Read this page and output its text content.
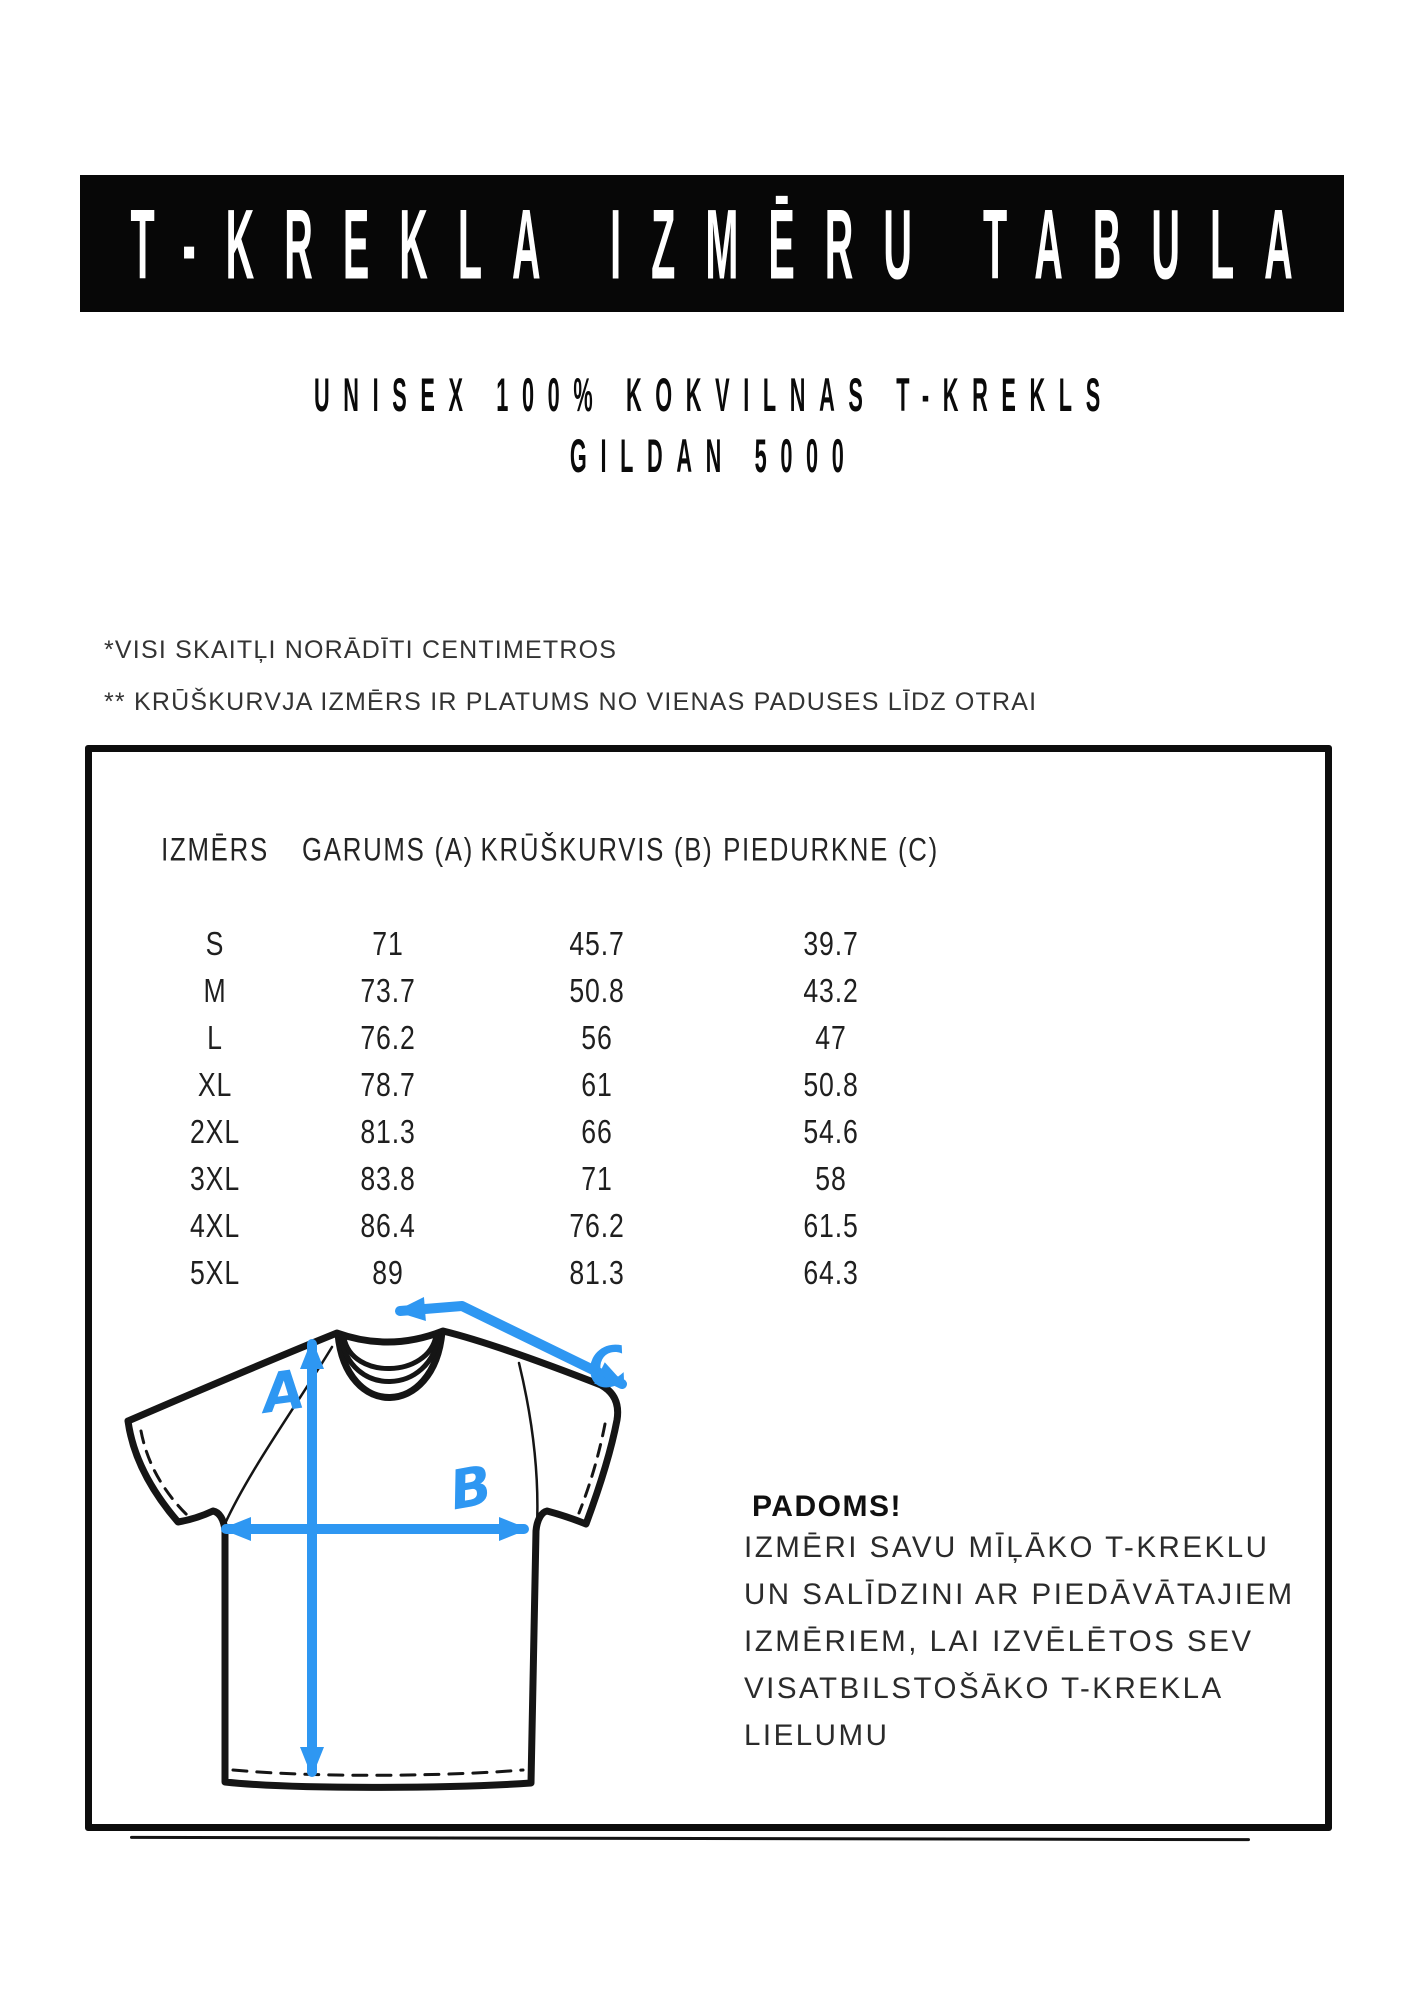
T-KREKLA IZMĒRU TABULA
UNISEX 100% KOKVILNAS T-KREKLS
GILDAN 5000

*VISI SKAITĻI NORĀDĪTI CENTIMETROS

** KRŪŠKURVJA IZMĒRS IR PLATUMS NO VIENAS PADUSES LĪDZ OTRAI

IZMĒRS GARUMS (A) KRŪŠKURVIS (B) PIEDURKNE (C)
S	71	45.7	39.7
M	73.7	50.8	43.2
L	76.2	56	47
XL	78.7	61	50.8
2XL	81.3	66	54.6
3XL	83.8	71	58
4XL	86.4	76.2	61.5
5XL	89	81.3	64.3
A
B
C

PADOMS!

IZMĒRI SAVU MĪĻĀKO T-KREKLU
UN SALĪDZINI AR PIEDĀVĀTAJIEM
IZMĒRIEM, LAI IZVĒLĒTOS SEV
VISATBILSTOŠĀKO T-KREKLA
LIELUMU
